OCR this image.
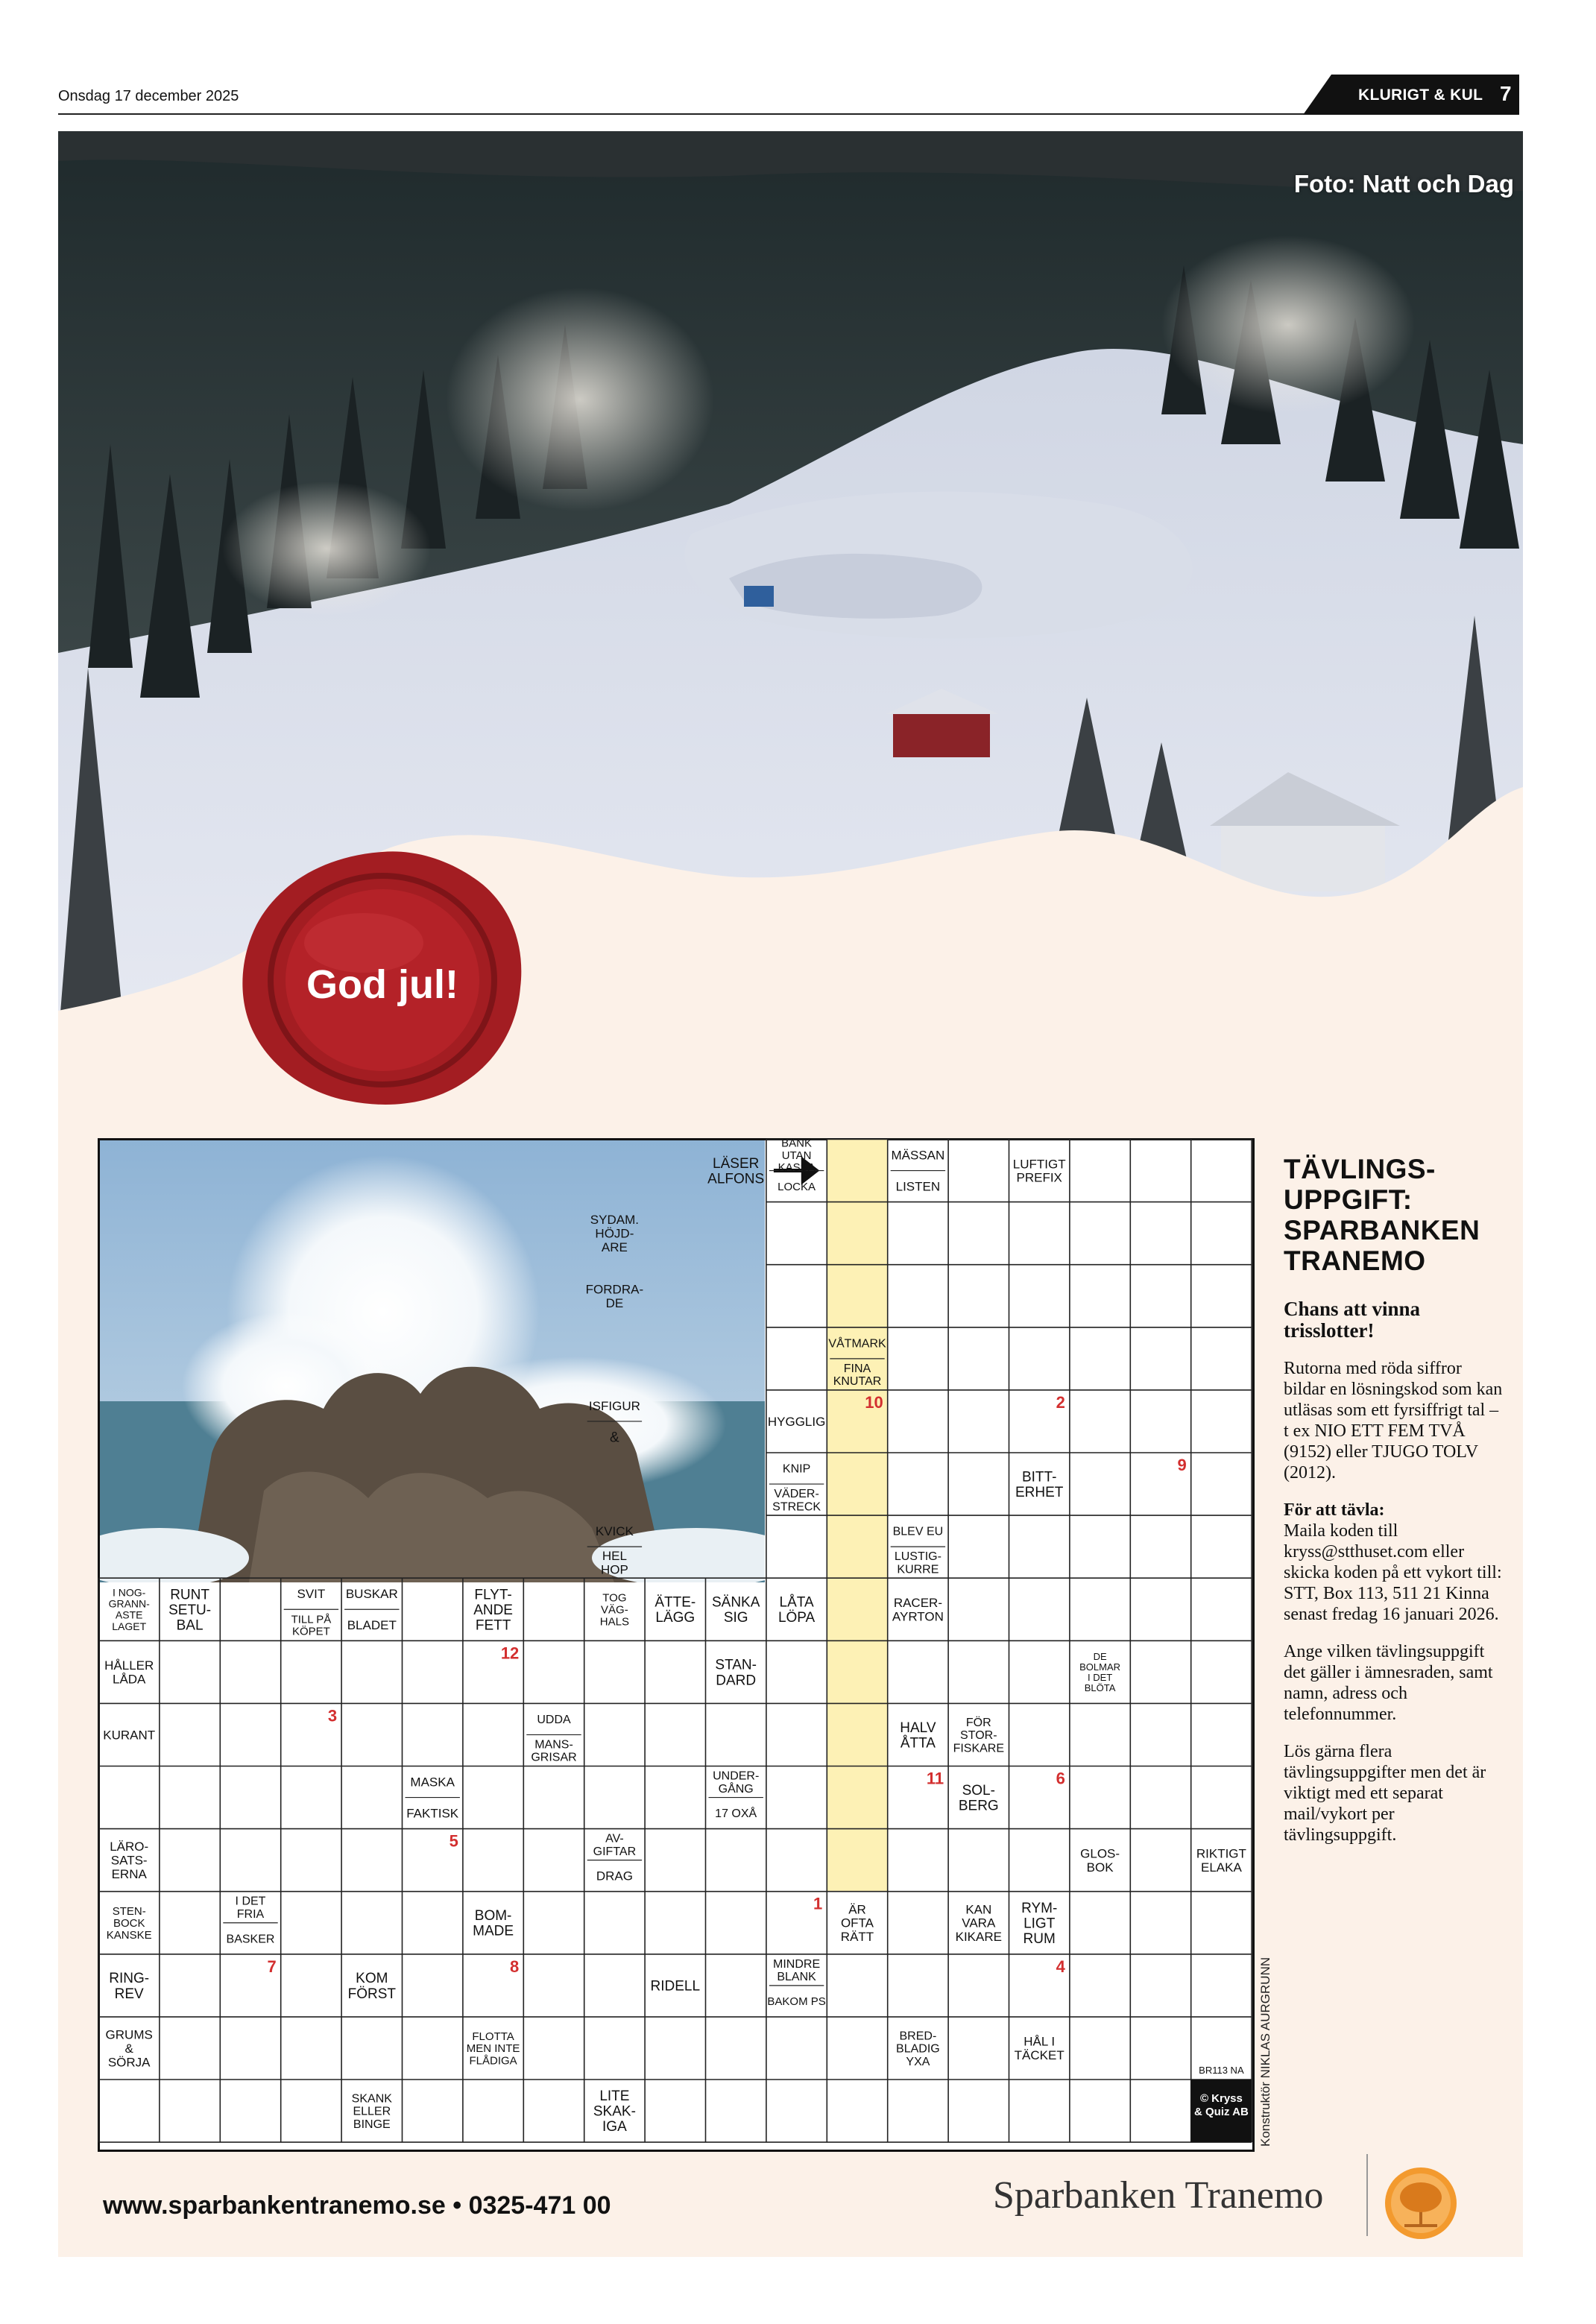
Onsdag 17 december 2025	KLURIGT & KUL 7
Foto: Natt och Dag
God jul!
LÄSER ALFONS
BANK UTAN KASSA
LOCKA
MÄSSAN
LISTEN
LUFTIGT PREFIX
SYDAM. HÖJD-ARE
FORDRA-DE
VÅTMARK
FINA KNUTAR
ISFIGUR
&
HYGGLIG
KNIP
VÄDER-STRECK
BITT-ERHET
KVICK
HEL HOP
BLEV EU
LUSTIG-KURRE
I NOG-GRANN-ASTE LAGET
RUNT SETU-BAL
SVIT
TILL PÅ KÖPET
BUSKAR
BLADET
FLYT-ANDE FETT
TOG VÄG-HALS
ÄTTE-LÄGG
SÄNKA SIG
LÅTA LÖPA
RACER-AYRTON
HÅLLER LÅDA
STAN-DARD
DE BOLMAR I DET BLÖTA
KURANT
UDDA
MANS-GRISAR
HALV ÅTTA
FÖR STOR-FISKARE
MASKA
FAKTISK
UNDER-GÅNG
17 OXÅ
SOL-BERG
LÄRO-SATS-ERNA
AV-GIFTAR
DRAG
GLOS-BOK
RIKTIGT ELAKA
STEN-BOCK KANSKE
I DET FRIA
BASKER
BOM-MADE
ÄR OFTA RÄTT
KAN VARA KIKARE
RYM-LIGT RUM
RING-REV
KOM FÖRST	RIDELL
MINDRE BLANK
BAKOM PS
GRUMS & SÖRJA
FLOTTA MEN INTE FLÅDIGA
BRED-BLADIG YXA
HÅL I TÄCKET
SKANK ELLER BINGE
LITE SKAK-IGA
10	2
9
12
3
11	6
5
1
7	8	4
BR113 NA
© Kryss & Quiz AB Konstruktör NIKLAS AURGRUNN
TÄVLINGS-
UPPGIFT:
SPARBANKEN
TRANEMO
Chans att vinna trisslotter!

Rutorna med röda siffror bildar en lösningskod som kan utläsas som ett fyrsiffrigt tal – t ex NIO ETT FEM TVÅ (9152) eller TJUGO TOLV (2012).

För att tävla:
Maila koden till kryss@stthuset.com eller skicka koden på ett vykort till: STT, Box 113, 511 21 Kinna senast fredag 16 januari 2026.

Ange vilken tävlingsuppgift det gäller i ämnesraden, samt namn, adress och telefonnummer.

Lös gärna flera tävlingsuppgifter men det är viktigt med ett separat mail/vykort per tävlingsuppgift.

www.sparbankentranemo.se • 0325-471 00	Sparbanken Tranemo
